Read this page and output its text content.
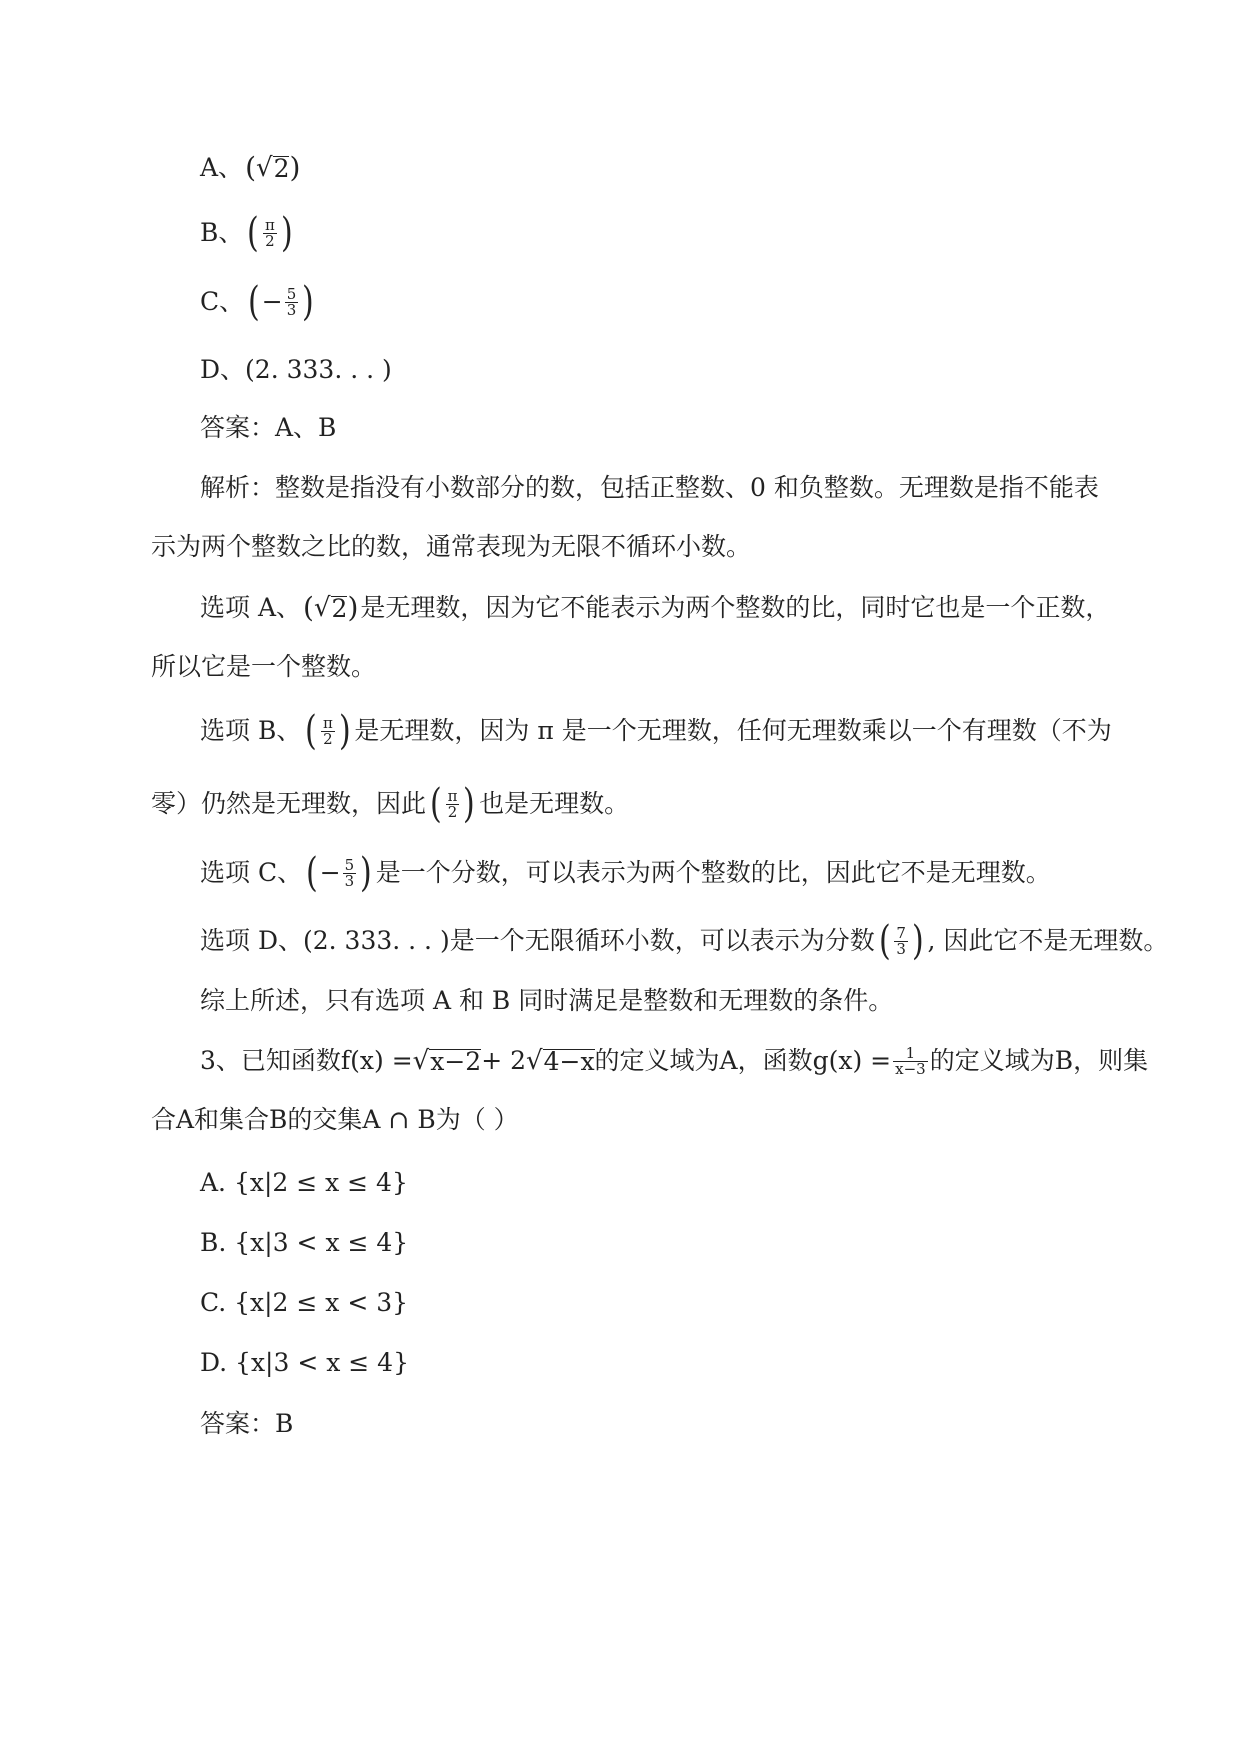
A、 ( √ 2 )
B、 ( $\frac{\pi}{2}$ )
C、 ( − $\frac{5}{3}$ )
D、 (2. 333. . . )
答案：A、B
解析：整数是指没有小数部分的数，包括正整数、0 和负整数。无理数是指不能表
示为两个整数之比的数，通常表现为无限不循环小数。
选项 A、 ( √ 2 ) 是无理数，因为它不能表示为两个整数的比，同时它也是一个正数，
所以它是一个整数。
选项 B、 ( $\frac{\pi}{2}$ ) 是无理数，因为 π 是一个无理数，任何无理数乘以一个有理数（不为
零）仍然是无理数，因此 ( $\frac{\pi}{2}$ ) 也是无理数。
选项 C、 ( − $\frac{5}{3}$ ) 是一个分数，可以表示为两个整数的比，因此它不是无理数。
选项 D、 (2. 333. . . ) 是一个无限循环小数，可以表示为分数 ( $\frac{7}{3}$ ) , 因此它不是无理数。
综上所述，只有选项 A 和 B 同时满足是整数和无理数的条件。
3、已知函数 f(x) = √ x−2 + 2 √ 4−x 的定义域为A，函数 $g(x) = \frac{1}{x-3}$ 的定义域为B，则集
合A和集合B的交集A ∩ B为（ ）
A. {x|2 ≤ x ≤ 4}
B. {x|3 < x ≤ 4}
C. {x|2 ≤ x < 3}
D. {x|3 < x ≤ 4}
答案：B
